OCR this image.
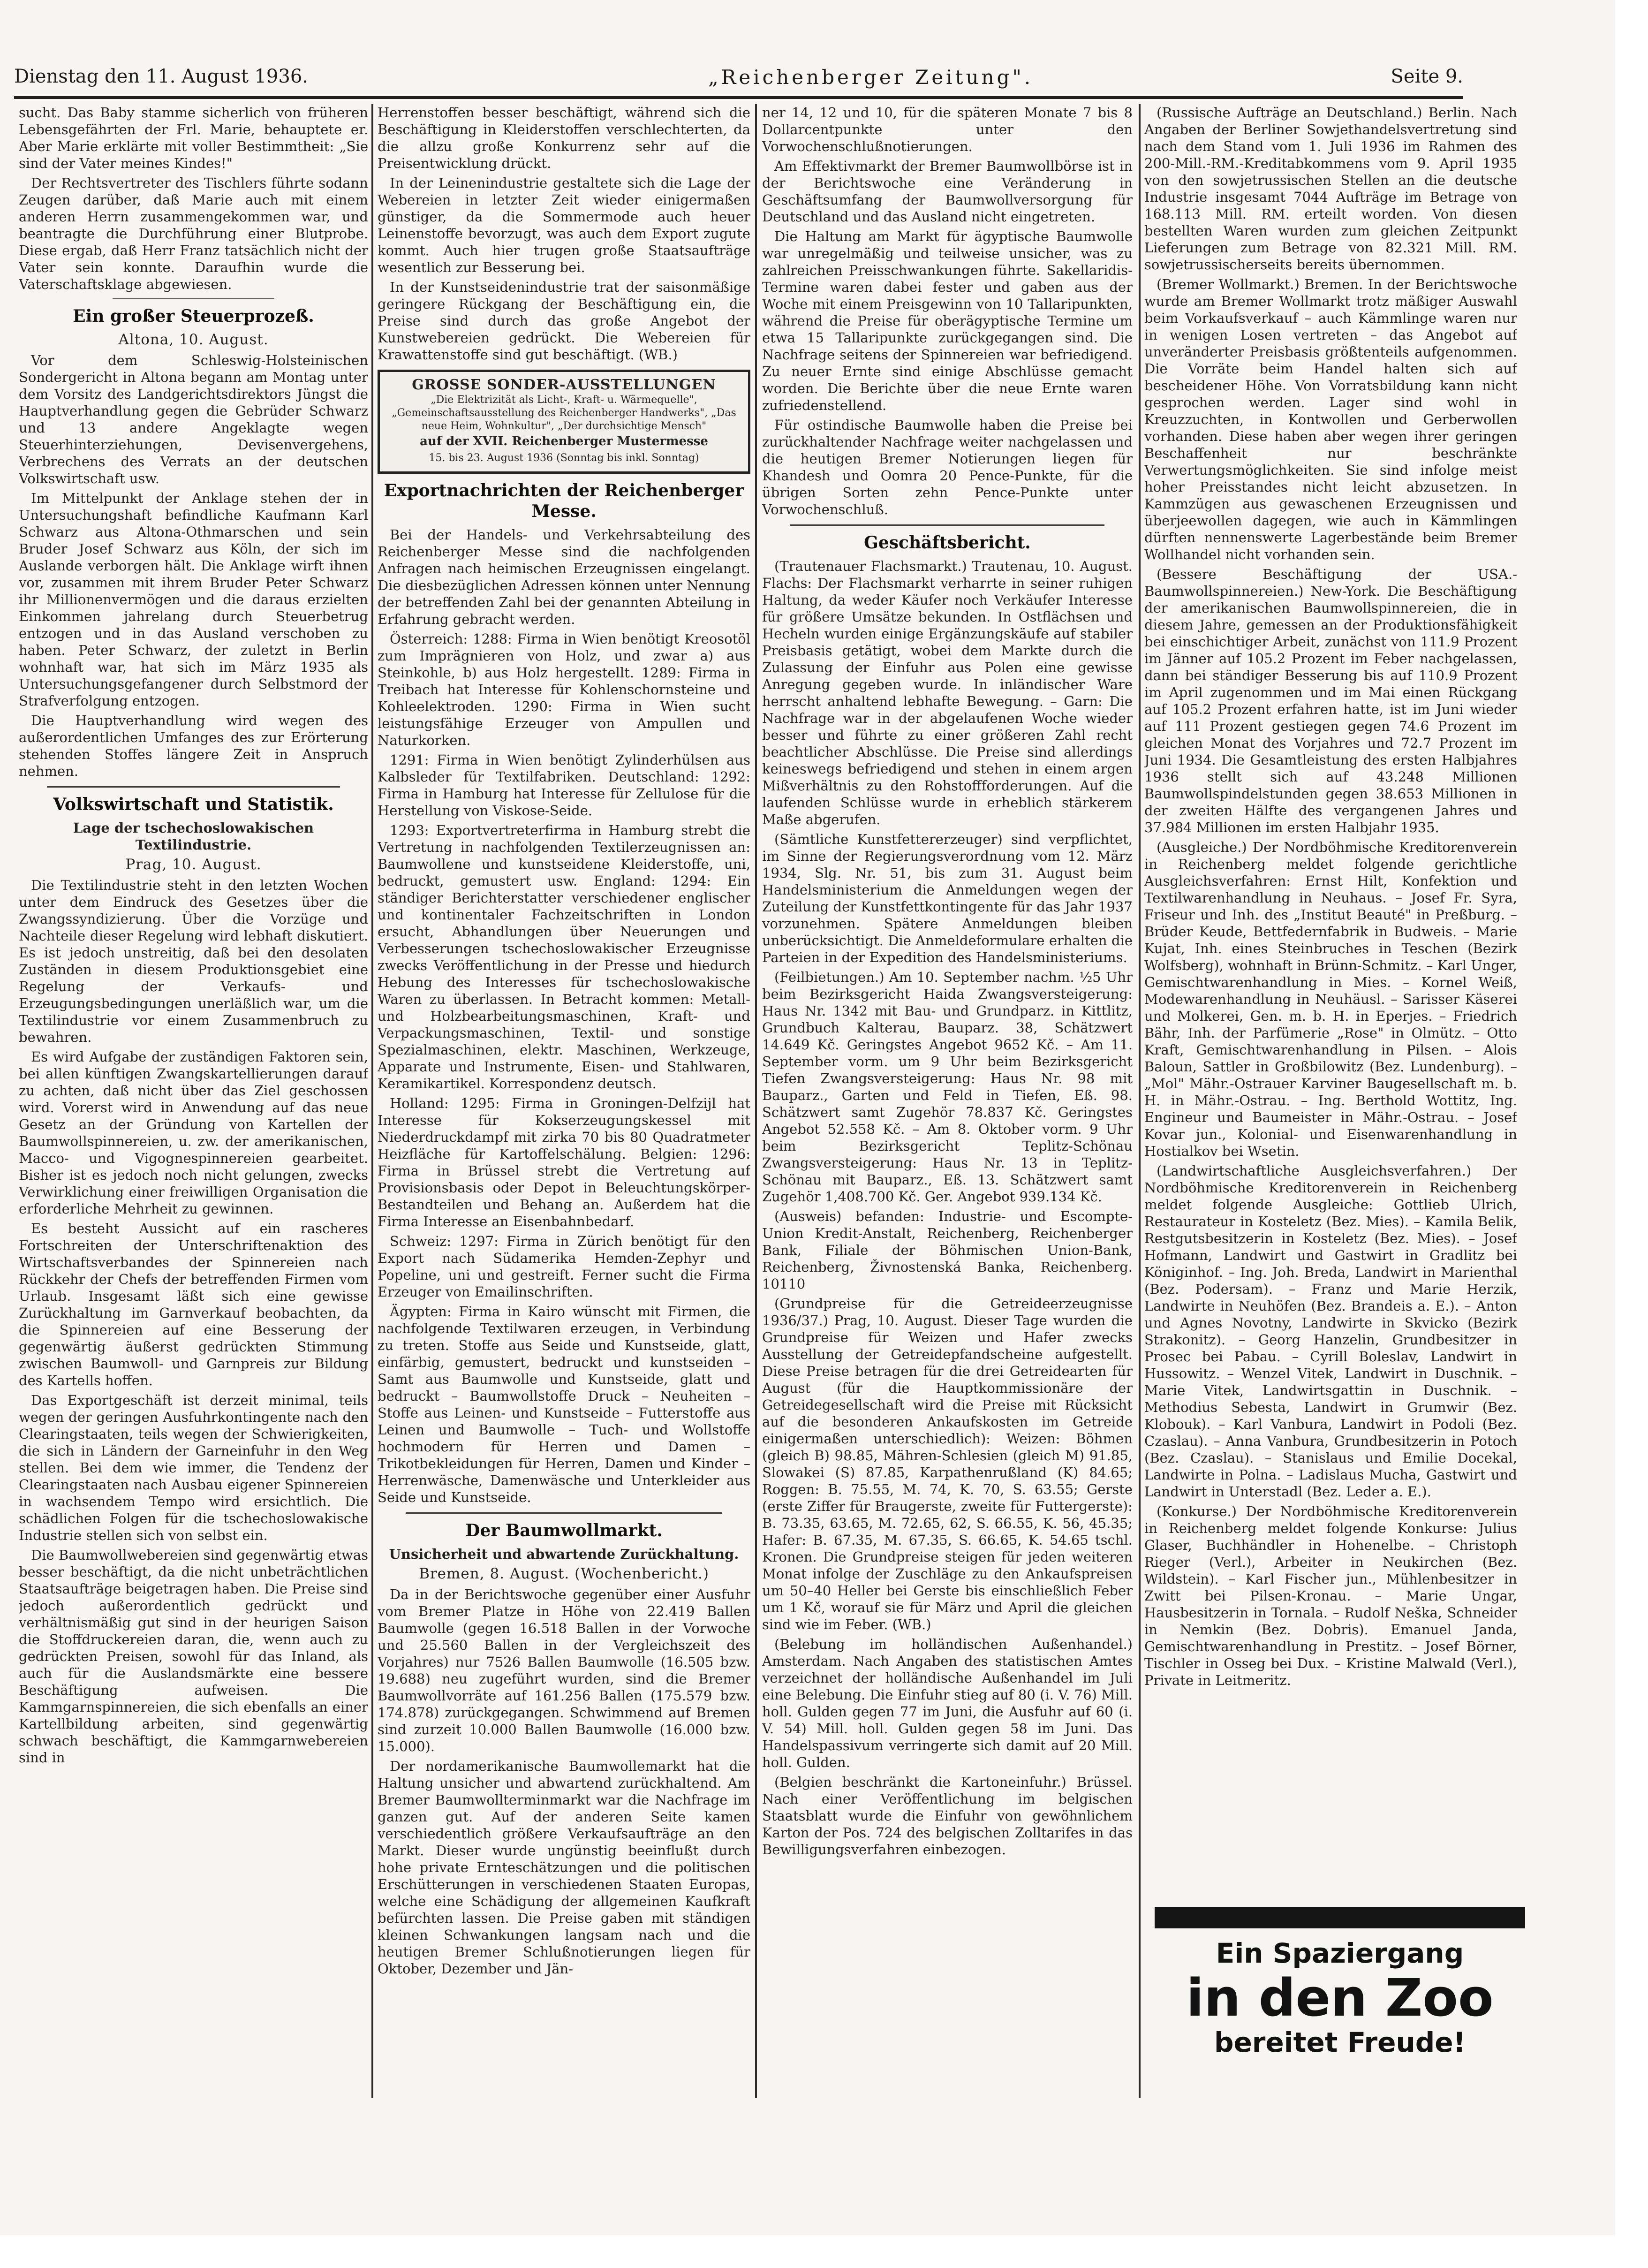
Dienstag den 11. August 1936.	„Reichenberger Zeitung".	Seite 9.

sucht. Das Baby stamme sicherlich von früheren Lebensgefährten der Frl. Marie, behauptete er. Aber Marie erklärte mit voller Bestimmtheit: „Sie sind der Vater meines Kindes!"

Der Rechtsvertreter des Tischlers führte sodann Zeugen darüber, daß Marie auch mit einem anderen Herrn zusammengekommen war, und beantragte die Durchführung einer Blutprobe. Diese ergab, daß Herr Franz tatsächlich nicht der Vater sein konnte. Daraufhin wurde die Vaterschaftsklage abgewiesen.

Ein großer Steuerprozeß.
Altona, 10. August.

Vor dem Schleswig-Holsteinischen Sondergericht in Altona begann am Montag unter dem Vorsitz des Landgerichtsdirektors Jüngst die Hauptverhandlung gegen die Gebrüder Schwarz und 13 andere Angeklagte wegen Steuerhinterziehungen, Devisenvergehens, Verbrechens des Verrats an der deutschen Volkswirtschaft usw.

Im Mittelpunkt der Anklage stehen der in Untersuchungshaft befindliche Kaufmann Karl Schwarz aus Altona-Othmarschen und sein Bruder Josef Schwarz aus Köln, der sich im Auslande verborgen hält. Die Anklage wirft ihnen vor, zusammen mit ihrem Bruder Peter Schwarz ihr Millionenvermögen und die daraus erzielten Einkommen jahrelang durch Steuerbetrug entzogen und in das Ausland verschoben zu haben. Peter Schwarz, der zuletzt in Berlin wohnhaft war, hat sich im März 1935 als Untersuchungsgefangener durch Selbstmord der Strafverfolgung entzogen.

Die Hauptverhandlung wird wegen des außerordentlichen Umfanges des zur Erörterung stehenden Stoffes längere Zeit in Anspruch nehmen.

Volkswirtschaft und Statistik.
Lage der tschechoslowakischen Textilindustrie.
Prag, 10. August.

Die Textilindustrie steht in den letzten Wochen unter dem Eindruck des Gesetzes über die Zwangssyndizierung. Über die Vorzüge und Nachteile dieser Regelung wird lebhaft diskutiert. Es ist jedoch unstreitig, daß bei den desolaten Zuständen in diesem Produktionsgebiet eine Regelung der Verkaufs- und Erzeugungsbedingungen unerläßlich war, um die Textilindustrie vor einem Zusammenbruch zu bewahren.

Es wird Aufgabe der zuständigen Faktoren sein, bei allen künftigen Zwangskartellierungen darauf zu achten, daß nicht über das Ziel geschossen wird. Vorerst wird in Anwendung auf das neue Gesetz an der Gründung von Kartellen der Baumwollspinnereien, u. zw. der amerikanischen, Macco- und Vigognespinnereien gearbeitet. Bisher ist es jedoch noch nicht gelungen, zwecks Verwirklichung einer freiwilligen Organisation die erforderliche Mehrheit zu gewinnen.

Es besteht Aussicht auf ein rascheres Fortschreiten der Unterschriftenaktion des Wirtschaftsverbandes der Spinnereien nach Rückkehr der Chefs der betreffenden Firmen vom Urlaub. Insgesamt läßt sich eine gewisse Zurückhaltung im Garnverkauf beobachten, da die Spinnereien auf eine Besserung der gegenwärtig äußerst gedrückten Stimmung zwischen Baumwoll- und Garnpreis zur Bildung des Kartells hoffen.

Das Exportgeschäft ist derzeit minimal, teils wegen der geringen Ausfuhrkontingente nach den Clearingstaaten, teils wegen der Schwierigkeiten, die sich in Ländern der Garneinfuhr in den Weg stellen. Bei dem wie immer, die Tendenz der Clearingstaaten nach Ausbau eigener Spinnereien in wachsendem Tempo wird ersichtlich. Die schädlichen Folgen für die tschechoslowakische Industrie stellen sich von selbst ein.

Die Baumwollwebereien sind gegenwärtig etwas besser beschäftigt, da die nicht unbeträchtlichen Staatsaufträge beigetragen haben. Die Preise sind jedoch außerordentlich gedrückt und verhältnismäßig gut sind in der heurigen Saison die Stoffdruckereien daran, die, wenn auch zu gedrückten Preisen, sowohl für das Inland, als auch für die Auslandsmärkte eine bessere Beschäftigung aufweisen. Die Kammgarnspinnereien, die sich ebenfalls an einer Kartellbildung arbeiten, sind gegenwärtig schwach beschäftigt, die Kammgarnwebereien sind in

Herrenstoffen besser beschäftigt, während sich die Beschäftigung in Kleiderstoffen verschlechterten, da die allzu große Konkurrenz sehr auf die Preisentwicklung drückt.

In der Leinenindustrie gestaltete sich die Lage der Webereien in letzter Zeit wieder einigermaßen günstiger, da die Sommermode auch heuer Leinenstoffe bevorzugt, was auch dem Export zugute kommt. Auch hier trugen große Staatsaufträge wesentlich zur Besserung bei.

In der Kunstseidenindustrie trat der saisonmäßige geringere Rückgang der Beschäftigung ein, die Preise sind durch das große Angebot der Kunstwebereien gedrückt. Die Webereien für Krawattenstoffe sind gut beschäftigt. (WB.)

GROSSE SONDER-AUSSTELLUNGEN
„Die Elektrizität als Licht-, Kraft- u. Wärmequelle", „Gemeinschaftsausstellung des Reichenberger Handwerks", „Das neue Heim, Wohnkultur", „Der durchsichtige Mensch"
auf der XVII. Reichenberger Mustermesse
15. bis 23. August 1936 (Sonntag bis inkl. Sonntag)
Exportnachrichten der Reichenberger Messe.

Bei der Handels- und Verkehrsabteilung des Reichenberger Messe sind die nachfolgenden Anfragen nach heimischen Erzeugnissen eingelangt. Die diesbezüglichen Adressen können unter Nennung der betreffenden Zahl bei der genannten Abteilung in Erfahrung gebracht werden.

Österreich: 1288: Firma in Wien benötigt Kreosotöl zum Imprägnieren von Holz, und zwar a) aus Steinkohle, b) aus Holz hergestellt. 1289: Firma in Treibach hat Interesse für Kohlenschornsteine und Kohleelektroden. 1290: Firma in Wien sucht leistungsfähige Erzeuger von Ampullen und Naturkorken.

1291: Firma in Wien benötigt Zylinderhülsen aus Kalbsleder für Textilfabriken. Deutschland: 1292: Firma in Hamburg hat Interesse für Zellulose für die Herstellung von Viskose-Seide.

1293: Exportvertreterfirma in Hamburg strebt die Vertretung in nachfolgenden Textilerzeugnissen an: Baumwollene und kunstseidene Kleiderstoffe, uni, bedruckt, gemustert usw. England: 1294: Ein ständiger Berichterstatter verschiedener englischer und kontinentaler Fachzeitschriften in London ersucht, Abhandlungen über Neuerungen und Verbesserungen tschechoslowakischer Erzeugnisse zwecks Veröffentlichung in der Presse und hiedurch Hebung des Interesses für tschechoslowakische Waren zu überlassen. In Betracht kommen: Metall- und Holzbearbeitungsmaschinen, Kraft- und Verpackungsmaschinen, Textil- und sonstige Spezialmaschinen, elektr. Maschinen, Werkzeuge, Apparate und Instrumente, Eisen- und Stahlwaren, Keramikartikel. Korrespondenz deutsch.

Holland: 1295: Firma in Groningen-Delfzijl hat Interesse für Kokserzeugungskessel mit Niederdruckdampf mit zirka 70 bis 80 Quadratmeter Heizfläche für Kartoffelschälung. Belgien: 1296: Firma in Brüssel strebt die Vertretung auf Provisionsbasis oder Depot in Beleuchtungskörper-Bestandteilen und Behang an. Außerdem hat die Firma Interesse an Eisenbahnbedarf.

Schweiz: 1297: Firma in Zürich benötigt für den Export nach Südamerika Hemden-Zephyr und Popeline, uni und gestreift. Ferner sucht die Firma Erzeuger von Emailinschriften.

Ägypten: Firma in Kairo wünscht mit Firmen, die nachfolgende Textilwaren erzeugen, in Verbindung zu treten. Stoffe aus Seide und Kunstseide, glatt, einfärbig, gemustert, bedruckt und kunstseiden – Samt aus Baumwolle und Kunstseide, glatt und bedruckt – Baumwollstoffe Druck – Neuheiten – Stoffe aus Leinen- und Kunstseide – Futterstoffe aus Leinen und Baumwolle – Tuch- und Wollstoffe hochmodern für Herren und Damen – Trikotbekleidungen für Herren, Damen und Kinder – Herrenwäsche, Damenwäsche und Unterkleider aus Seide und Kunstseide.

Der Baumwollmarkt.
Unsicherheit und abwartende Zurückhaltung.
Bremen, 8. August. (Wochenbericht.)

Da in der Berichtswoche gegenüber einer Ausfuhr vom Bremer Platze in Höhe von 22.419 Ballen Baumwolle (gegen 16.518 Ballen in der Vorwoche und 25.560 Ballen in der Vergleichszeit des Vorjahres) nur 7526 Ballen Baumwolle (16.505 bzw. 19.688) neu zugeführt wurden, sind die Bremer Baumwollvorräte auf 161.256 Ballen (175.579 bzw. 174.878) zurückgegangen. Schwimmend auf Bremen sind zurzeit 10.000 Ballen Baumwolle (16.000 bzw. 15.000).

Der nordamerikanische Baumwollemarkt hat die Haltung unsicher und abwartend zurückhaltend. Am Bremer Baumwollterminmarkt war die Nachfrage im ganzen gut. Auf der anderen Seite kamen verschiedentlich größere Verkaufsaufträge an den Markt. Dieser wurde ungünstig beeinflußt durch hohe private Ernteschätzungen und die politischen Erschütterungen in verschiedenen Staaten Europas, welche eine Schädigung der allgemeinen Kaufkraft befürchten lassen. Die Preise gaben mit ständigen kleinen Schwankungen langsam nach und die heutigen Bremer Schlußnotierungen liegen für Oktober, Dezember und Jän-

ner 14, 12 und 10, für die späteren Monate 7 bis 8 Dollarcentpunkte unter den Vorwochenschlußnotierungen.

Am Effektivmarkt der Bremer Baumwollbörse ist in der Berichtswoche eine Veränderung in Geschäftsumfang der Baumwollversorgung für Deutschland und das Ausland nicht eingetreten.

Die Haltung am Markt für ägyptische Baumwolle war unregelmäßig und teilweise unsicher, was zu zahlreichen Preisschwankungen führte. Sakellaridis-Termine waren dabei fester und gaben aus der Woche mit einem Preisgewinn von 10 Tallaripunkten, während die Preise für oberägyptische Termine um etwa 15 Tallaripunkte zurückgegangen sind. Die Nachfrage seitens der Spinnereien war befriedigend. Zu neuer Ernte sind einige Abschlüsse gemacht worden. Die Berichte über die neue Ernte waren zufriedenstellend.

Für ostindische Baumwolle haben die Preise bei zurückhaltender Nachfrage weiter nachgelassen und die heutigen Bremer Notierungen liegen für Khandesh und Oomra 20 Pence-Punkte, für die übrigen Sorten zehn Pence-Punkte unter Vorwochenschluß.

Geschäftsbericht.

(Trautenauer Flachsmarkt.) Trautenau, 10. August. Flachs: Der Flachsmarkt verharrte in seiner ruhigen Haltung, da weder Käufer noch Verkäufer Interesse für größere Umsätze bekunden. In Ostflächsen und Hecheln wurden einige Ergänzungskäufe auf stabiler Preisbasis getätigt, wobei dem Markte durch die Zulassung der Einfuhr aus Polen eine gewisse Anregung gegeben wurde. In inländischer Ware herrscht anhaltend lebhafte Bewegung. – Garn: Die Nachfrage war in der abgelaufenen Woche wieder besser und führte zu einer größeren Zahl recht beachtlicher Abschlüsse. Die Preise sind allerdings keineswegs befriedigend und stehen in einem argen Mißverhältnis zu den Rohstoffforderungen. Auf die laufenden Schlüsse wurde in erheblich stärkerem Maße abgerufen.

(Sämtliche Kunstfettererzeuger) sind verpflichtet, im Sinne der Regierungsverordnung vom 12. März 1934, Slg. Nr. 51, bis zum 31. August beim Handelsministerium die Anmeldungen wegen der Zuteilung der Kunstfettkontingente für das Jahr 1937 vorzunehmen. Spätere Anmeldungen bleiben unberücksichtigt. Die Anmeldeformulare erhalten die Parteien in der Expedition des Handelsministeriums.

(Feilbietungen.) Am 10. September nachm. ½5 Uhr beim Bezirksgericht Haida Zwangsversteigerung: Haus Nr. 1342 mit Bau- und Grundparz. in Kittlitz, Grundbuch Kalterau, Bauparz. 38, Schätzwert 14.649 Kč. Geringstes Angebot 9652 Kč. – Am 11. September vorm. um 9 Uhr beim Bezirksgericht Tiefen Zwangsversteigerung: Haus Nr. 98 mit Bauparz., Garten und Feld in Tiefen, Eß. 98. Schätzwert samt Zugehör 78.837 Kč. Geringstes Angebot 52.558 Kč. – Am 8. Oktober vorm. 9 Uhr beim Bezirksgericht Teplitz-Schönau Zwangsversteigerung: Haus Nr. 13 in Teplitz-Schönau mit Bauparz., Eß. 13. Schätzwert samt Zugehör 1,408.700 Kč. Ger. Angebot 939.134 Kč.

(Ausweis) befanden: Industrie- und Escompte-Union Kredit-Anstalt, Reichenberg, Reichenberger Bank, Filiale der Böhmischen Union-Bank, Reichenberg, Živnostenská Banka, Reichenberg. 10110

(Grundpreise für die Getreideerzeugnisse 1936/37.) Prag, 10. August. Dieser Tage wurden die Grundpreise für Weizen und Hafer zwecks Ausstellung der Getreidepfandscheine aufgestellt. Diese Preise betragen für die drei Getreidearten für August (für die Hauptkommissionäre der Getreidegesellschaft wird die Preise mit Rücksicht auf die besonderen Ankaufskosten im Getreide einigermaßen unterschiedlich): Weizen: Böhmen (gleich B) 98.85, Mähren-Schlesien (gleich M) 91.85, Slowakei (S) 87.85, Karpathenrußland (K) 84.65; Roggen: B. 75.55, M. 74, K. 70, S. 63.55; Gerste (erste Ziffer für Braugerste, zweite für Futtergerste): B. 73.35, 63.65, M. 72.65, 62, S. 66.55, K. 56, 45.35; Hafer: B. 67.35, M. 67.35, S. 66.65, K. 54.65 tschl. Kronen. Die Grundpreise steigen für jeden weiteren Monat infolge der Zuschläge zu den Ankaufspreisen um 50–40 Heller bei Gerste bis einschließlich Feber um 1 Kč, worauf sie für März und April die gleichen sind wie im Feber. (WB.)

(Belebung im holländischen Außenhandel.) Amsterdam. Nach Angaben des statistischen Amtes verzeichnet der holländische Außenhandel im Juli eine Belebung. Die Einfuhr stieg auf 80 (i. V. 76) Mill. holl. Gulden gegen 77 im Juni, die Ausfuhr auf 60 (i. V. 54) Mill. holl. Gulden gegen 58 im Juni. Das Handelspassivum verringerte sich damit auf 20 Mill. holl. Gulden.

(Belgien beschränkt die Kartoneinfuhr.) Brüssel. Nach einer Veröffentlichung im belgischen Staatsblatt wurde die Einfuhr von gewöhnlichem Karton der Pos. 724 des belgischen Zolltarifes in das Bewilligungsverfahren einbezogen.

(Russische Aufträge an Deutschland.) Berlin. Nach Angaben der Berliner Sowjethandelsvertretung sind nach dem Stand vom 1. Juli 1936 im Rahmen des 200-Mill.-RM.-Kreditabkommens vom 9. April 1935 von den sowjetrussischen Stellen an die deutsche Industrie insgesamt 7044 Aufträge im Betrage von 168.113 Mill. RM. erteilt worden. Von diesen bestellten Waren wurden zum gleichen Zeitpunkt Lieferungen zum Betrage von 82.321 Mill. RM. sowjetrussischerseits bereits übernommen.

(Bremer Wollmarkt.) Bremen. In der Berichtswoche wurde am Bremer Wollmarkt trotz mäßiger Auswahl beim Vorkaufsverkauf – auch Kämmlinge waren nur in wenigen Losen vertreten – das Angebot auf unveränderter Preisbasis größtenteils aufgenommen. Die Vorräte beim Handel halten sich auf bescheidener Höhe. Von Vorratsbildung kann nicht gesprochen werden. Lager sind wohl in Kreuzzuchten, in Kontwollen und Gerberwollen vorhanden. Diese haben aber wegen ihrer geringen Beschaffenheit nur beschränkte Verwertungsmöglichkeiten. Sie sind infolge meist hoher Preisstandes nicht leicht abzusetzen. In Kammzügen aus gewaschenen Erzeugnissen und überjeewollen dagegen, wie auch in Kämmlingen dürften nennenswerte Lagerbestände beim Bremer Wollhandel nicht vorhanden sein.

(Bessere Beschäftigung der USA.-Baumwollspinnereien.) New-York. Die Beschäftigung der amerikanischen Baumwollspinnereien, die in diesem Jahre, gemessen an der Produktionsfähigkeit bei einschichtiger Arbeit, zunächst von 111.9 Prozent im Jänner auf 105.2 Prozent im Feber nachgelassen, dann bei ständiger Besserung bis auf 110.9 Prozent im April zugenommen und im Mai einen Rückgang auf 105.2 Prozent erfahren hatte, ist im Juni wieder auf 111 Prozent gestiegen gegen 74.6 Prozent im gleichen Monat des Vorjahres und 72.7 Prozent im Juni 1934. Die Gesamtleistung des ersten Halbjahres 1936 stellt sich auf 43.248 Millionen Baumwollspindelstunden gegen 38.653 Millionen in der zweiten Hälfte des vergangenen Jahres und 37.984 Millionen im ersten Halbjahr 1935.

(Ausgleiche.) Der Nordböhmische Kreditorenverein in Reichenberg meldet folgende gerichtliche Ausgleichsverfahren: Ernst Hilt, Konfektion und Textilwarenhandlung in Neuhaus. – Josef Fr. Syra, Friseur und Inh. des „Institut Beauté" in Preßburg. – Brüder Keude, Bettfedernfabrik in Budweis. – Marie Kujat, Inh. eines Steinbruches in Teschen (Bezirk Wolfsberg), wohnhaft in Brünn-Schmitz. – Karl Unger, Gemischtwarenhandlung in Mies. – Kornel Weiß, Modewarenhandlung in Neuhäusl. – Sarisser Käserei und Molkerei, Gen. m. b. H. in Eperjes. – Friedrich Bähr, Inh. der Parfümerie „Rose" in Olmütz. – Otto Kraft, Gemischtwarenhandlung in Pilsen. – Alois Baloun, Sattler in Großbilowitz (Bez. Lundenburg). – „Mol" Mähr.-Ostrauer Karviner Baugesellschaft m. b. H. in Mähr.-Ostrau. – Ing. Berthold Wottitz, Ing. Engineur und Baumeister in Mähr.-Ostrau. – Josef Kovar jun., Kolonial- und Eisenwarenhandlung in Hostialkov bei Wsetin.

(Landwirtschaftliche Ausgleichsverfahren.) Der Nordböhmische Kreditorenverein in Reichenberg meldet folgende Ausgleiche: Gottlieb Ulrich, Restaurateur in Kosteletz (Bez. Mies). – Kamila Belik, Restgutsbesitzerin in Kosteletz (Bez. Mies). – Josef Hofmann, Landwirt und Gastwirt in Gradlitz bei Königinhof. – Ing. Joh. Breda, Landwirt in Marienthal (Bez. Podersam). – Franz und Marie Herzik, Landwirte in Neuhöfen (Bez. Brandeis a. E.). – Anton und Agnes Novotny, Landwirte in Skvicko (Bezirk Strakonitz). – Georg Hanzelin, Grundbesitzer in Prosec bei Pabau. – Cyrill Boleslav, Landwirt in Hussowitz. – Wenzel Vitek, Landwirt in Duschnik. – Marie Vitek, Landwirtsgattin in Duschnik. – Methodius Sebesta, Landwirt in Grumwir (Bez. Klobouk). – Karl Vanbura, Landwirt in Podoli (Bez. Czaslau). – Anna Vanbura, Grundbesitzerin in Potoch (Bez. Czaslau). – Stanislaus und Emilie Docekal, Landwirte in Polna. – Ladislaus Mucha, Gastwirt und Landwirt in Unterstadl (Bez. Leder a. E.).

(Konkurse.) Der Nordböhmische Kreditorenverein in Reichenberg meldet folgende Konkurse: Julius Glaser, Buchhändler in Hohenelbe. – Christoph Rieger (Verl.), Arbeiter in Neukirchen (Bez. Wildstein). – Karl Fischer jun., Mühlenbesitzer in Zwitt bei Pilsen-Kronau. – Marie Ungar, Hausbesitzerin in Tornala. – Rudolf Neška, Schneider in Nemkin (Bez. Dobris). Emanuel Janda, Gemischtwarenhandlung in Prestitz. – Josef Börner, Tischler in Osseg bei Dux. – Kristine Malwald (Verl.), Private in Leitmeritz.

Ein Spaziergang
in den Zoo
bereitet Freude!
